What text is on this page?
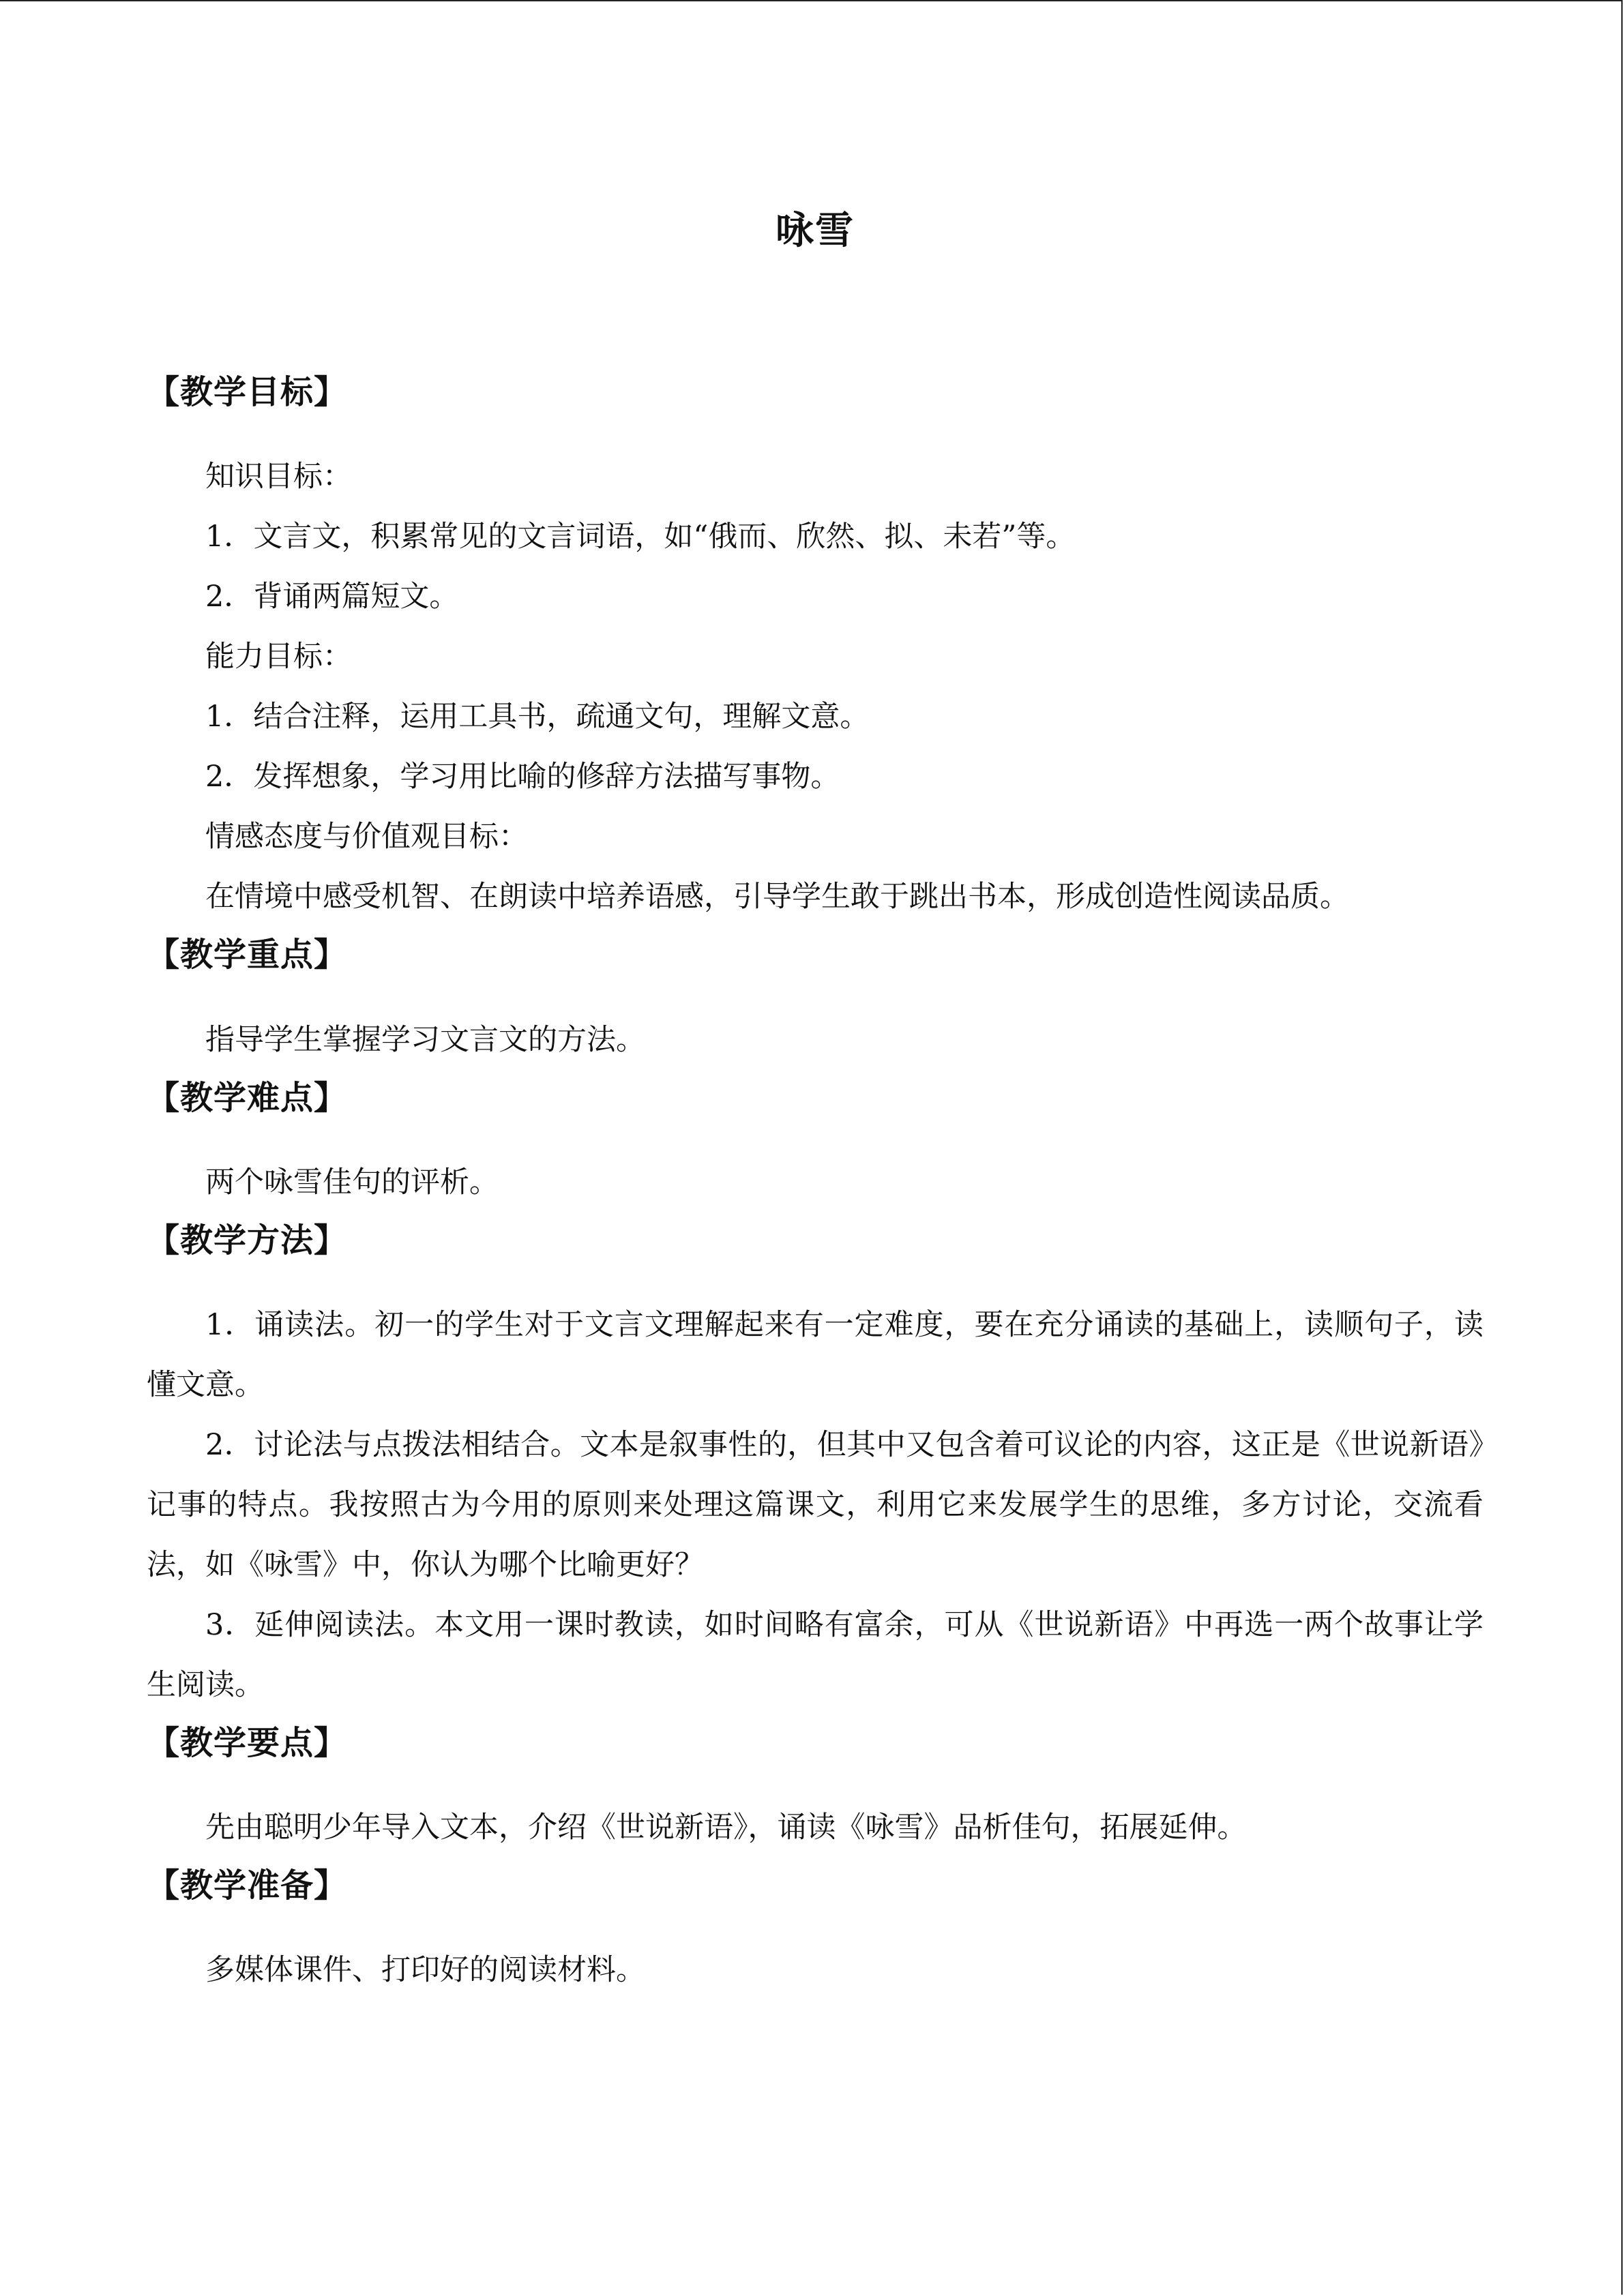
咏雪
【教学目标】

知识目标：

1．文言文，积累常见的文言词语，如“俄而、欣然、拟、未若”等。

2．背诵两篇短文。

能力目标：

1．结合注释，运用工具书，疏通文句，理解文意。

2．发挥想象，学习用比喻的修辞方法描写事物。

情感态度与价值观目标：

在情境中感受机智、在朗读中培养语感，引导学生敢于跳出书本，形成创造性阅读品质。

【教学重点】

指导学生掌握学习文言文的方法。

【教学难点】

两个咏雪佳句的评析。

【教学方法】

1．诵读法。初一的学生对于文言文理解起来有一定难度，要在充分诵读的基础上，读顺句子，读懂文意。

2．讨论法与点拨法相结合。文本是叙事性的，但其中又包含着可议论的内容，这正是《世说新语》记事的特点。我按照古为今用的原则来处理这篇课文，利用它来发展学生的思维，多方讨论，交流看法，如《咏雪》中，你认为哪个比喻更好？

3．延伸阅读法。本文用一课时教读，如时间略有富余，可从《世说新语》中再选一两个故事让学生阅读。

【教学要点】

先由聪明少年导入文本，介绍《世说新语》，诵读《咏雪》品析佳句，拓展延伸。

【教学准备】

多媒体课件、打印好的阅读材料。
